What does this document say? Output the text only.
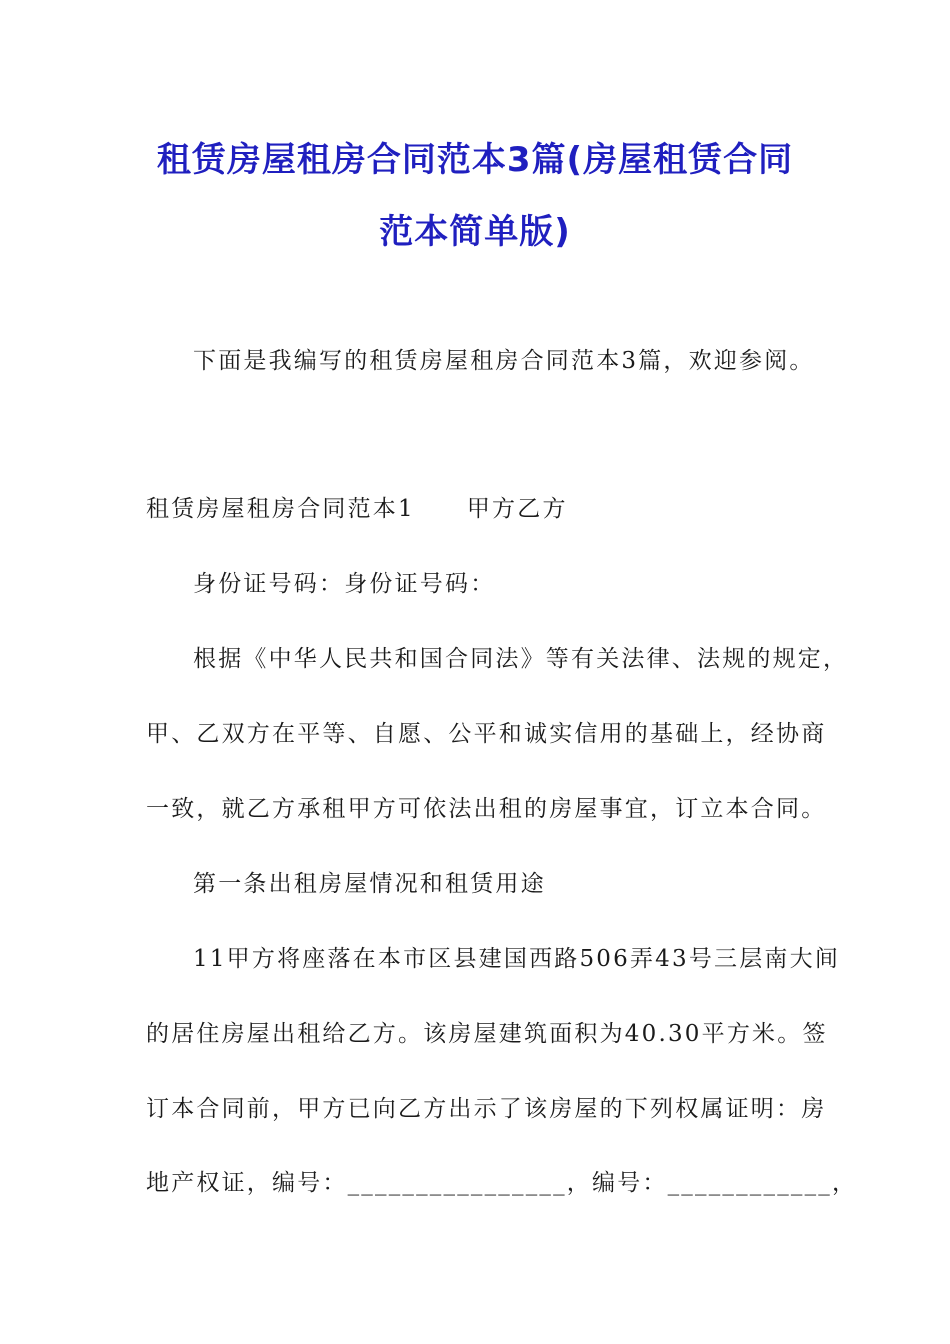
租赁房屋租房合同范本3篇(房屋租赁合同
范本简单版)
下面是我编写的租赁房屋租房合同范本3篇，欢迎参阅。
租赁房屋租房合同范本1 甲方乙方
身份证号码：身份证号码：
根据《中华人民共和国合同法》等有关法律、法规的规定，
甲、乙双方在平等、自愿、公平和诚实信用的基础上，经协商
一致，就乙方承租甲方可依法出租的房屋事宜，订立本合同。
第一条出租房屋情况和租赁用途
11甲方将座落在本市区县建国西路506弄43号三层南大间
的居住房屋出租给乙方。该房屋建筑面积为40.30平方米。签
订本合同前，甲方已向乙方出示了该房屋的下列权属证明：房
地产权证，编号：________________，编号：____________，
